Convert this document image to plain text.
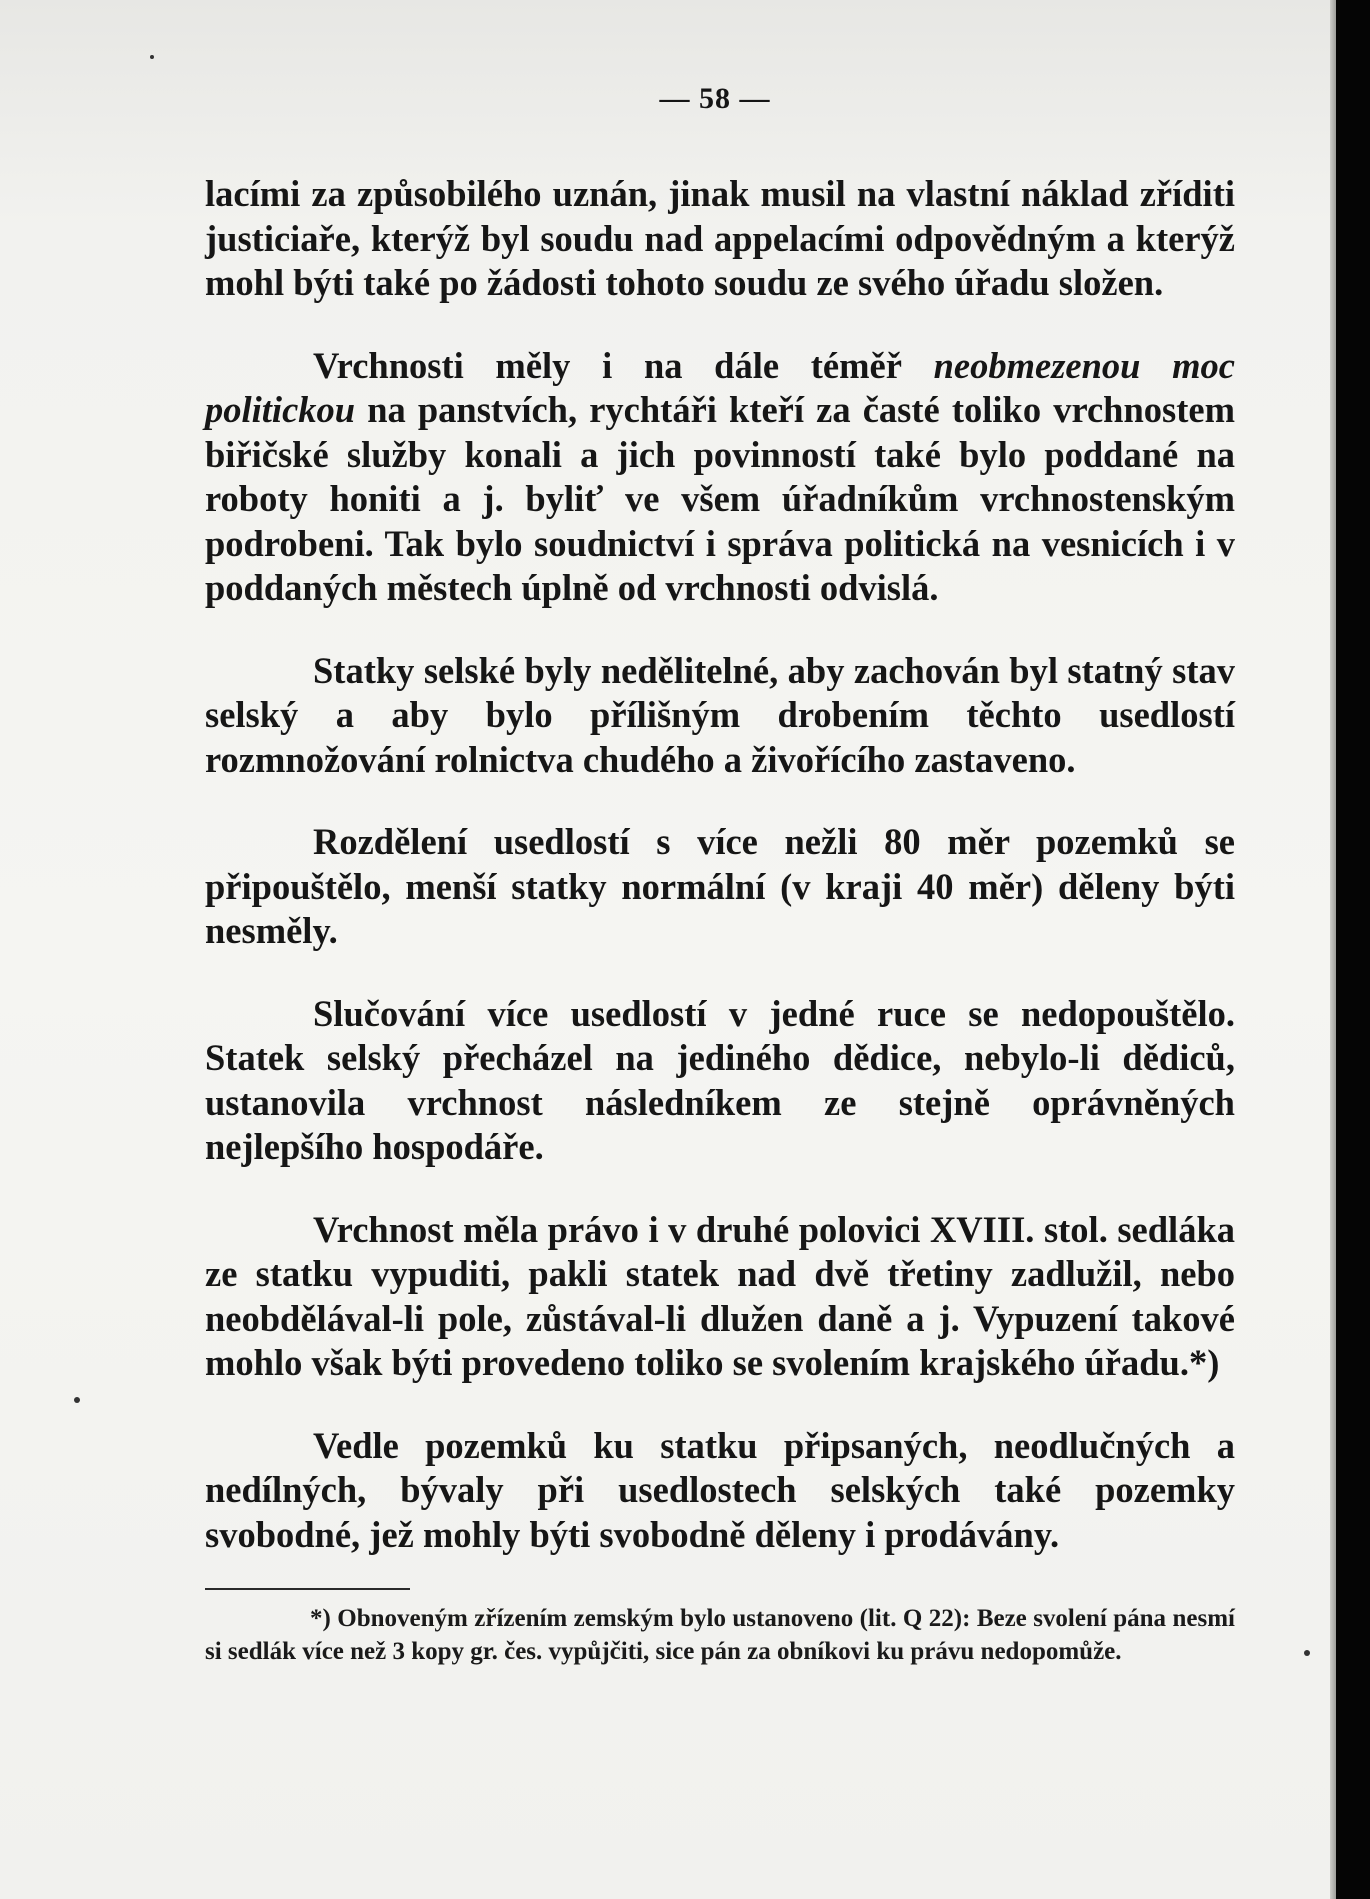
— 58 —

lacími za způsobilého uznán, jinak musil na vlastní náklad zříditi justiciaře, kterýž byl soudu nad appelacími odpovědným a kterýž mohl býti také po žádosti tohoto soudu ze svého úřadu složen.

Vrchnosti měly i na dále téměř neobmezenou moc politickou na panstvích, rychtáři kteří za časté toliko vrchnostem biřičské služby konali a jich povinností také bylo poddané na roboty honiti a j. byliť ve všem úřadníkům vrchnostenským podrobeni. Tak bylo soudnictví i správa politická na vesnicích i v poddaných městech úplně od vrchnosti odvislá.

Statky selské byly nedělitelné, aby zachován byl statný stav selský a aby bylo přílišným drobením těchto usedlostí rozmnožování rolnictva chudého a živořícího zastaveno.

Rozdělení usedlostí s více nežli 80 měr pozemků se připouštělo, menší statky normální (v kraji 40 měr) děleny býti nesměly.

Slučování více usedlostí v jedné ruce se nedopouštělo. Statek selský přecházel na jediného dědice, nebylo-li dědiců, ustanovila vrchnost následníkem ze stejně oprávněných nejlepšího hospodáře.

Vrchnost měla právo i v druhé polovici XVIII. stol. sedláka ze statku vypuditi, pakli statek nad dvě třetiny zadlužil, nebo neobdělával-li pole, zůstával-li dlužen daně a j. Vypuzení takové mohlo však býti provedeno toliko se svolením krajského úřadu.*)

Vedle pozemků ku statku připsaných, neodlučných a nedílných, bývaly při usedlostech selských také pozemky svobodné, jež mohly býti svobodně děleny i prodávány.

*) Obnoveným zřízením zemským bylo ustanoveno (lit. Q 22): Beze svolení pána nesmí si sedlák více než 3 kopy gr. čes. vypůjčiti, sice pán za obníkovi ku právu nedopomůže.
